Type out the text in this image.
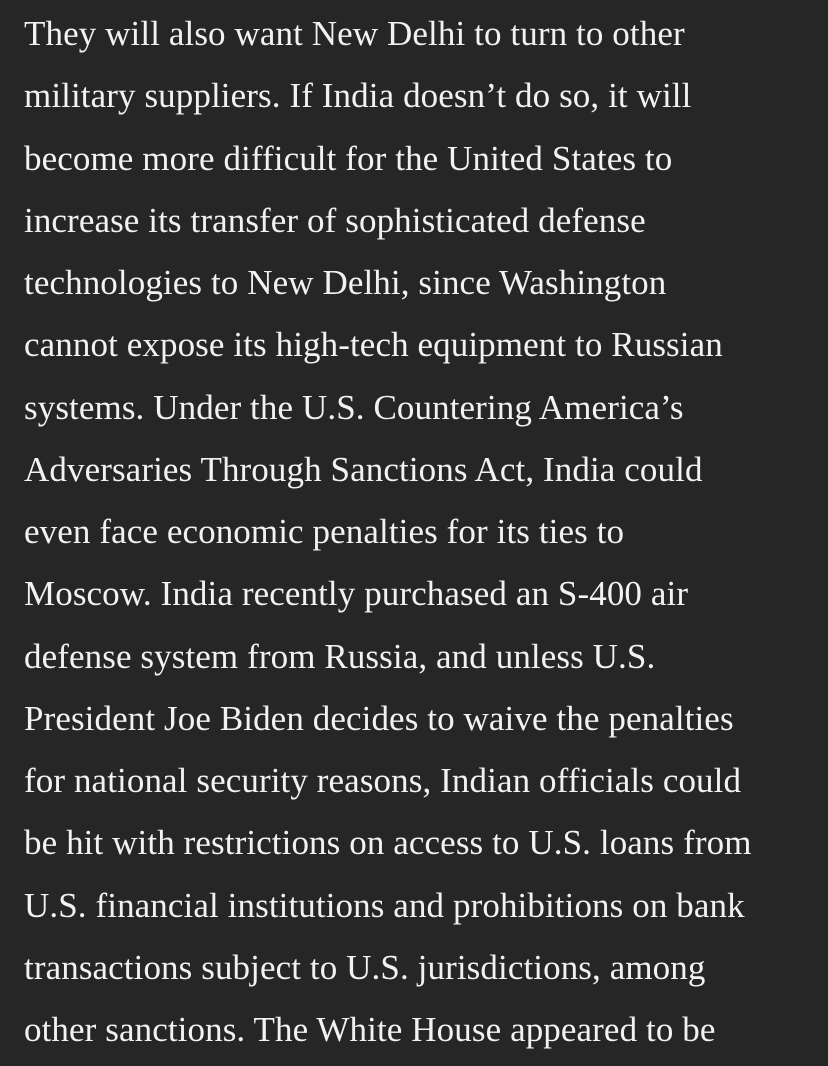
They will also want New Delhi to turn to other
military suppliers. If India doesn’t do so, it will
become more difficult for the United States to
increase its transfer of sophisticated defense
technologies to New Delhi, since Washington
cannot expose its high-tech equipment to Russian
systems. Under the U.S. Countering America’s
Adversaries Through Sanctions Act, India could
even face economic penalties for its ties to
Moscow. India recently purchased an S-400 air
defense system from Russia, and unless U.S.
President Joe Biden decides to waive the penalties
for national security reasons, Indian officials could
be hit with restrictions on access to U.S. loans from
U.S. financial institutions and prohibitions on bank
transactions subject to U.S. jurisdictions, among
other sanctions. The White House appeared to be
